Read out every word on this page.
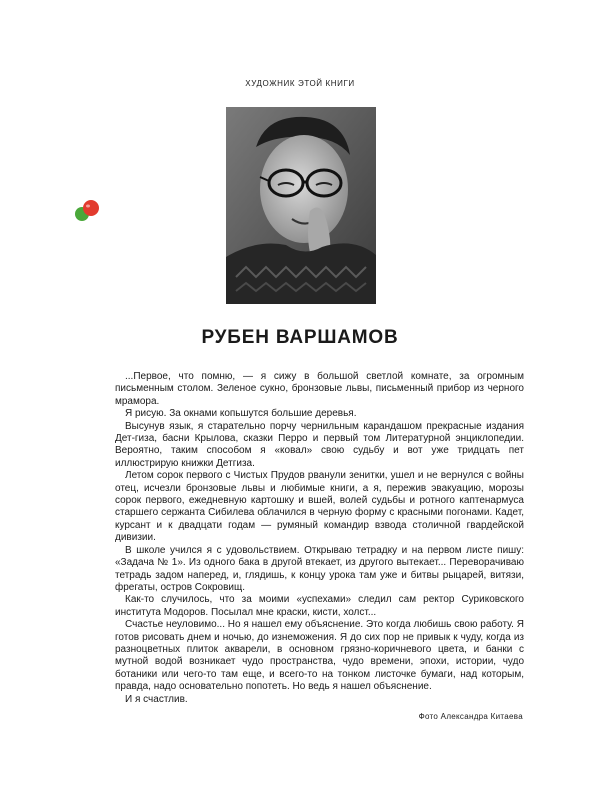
ХУДОЖНИК ЭТОЙ КНИГИ
РУБЕН ВАРШАМОВ

...Первое, что помню, — я сижу в большой светлой комнате, за огромным письменным столом. Зеленое сукно, бронзовые львы, письменный прибор из черного мрамора.

Я рисую. За окнами копьшутся большие деревья.

Высунув язык, я старательно порчу чернильным карандашом прекрасные издания Дет-гиза, басни Крылова, сказки Перро и первый том Литературной энциклопедии. Вероятно, таким способом я «ковал» свою судьбу и вот уже тридцать пет иллюстрирую книжки Детгиза.

Летом сорок первого с Чистых Прудов рванули зенитки, ушел и не вернулся с войны отец, исчезли бронзовые львы и любимые книги, а я, пережив эвакуацию, морозы сорок первого, ежедневную картошку и вшей, волей судьбы и ротного каптенармуса старшего сержанта Сибилева облачился в черную форму с красными погонами. Кадет, курсант и к двадцати годам — румяный командир взвода столичной гвардейской дивизии.

В школе учился я с удовольствием. Открываю тетрадку и на первом листе пишу: «Задача № 1». Из одного бака в другой втекает, из другого вытекает... Переворачиваю тетрадь задом наперед, и, глядишь, к концу урока там уже и битвы рыцарей, витязи, фрегаты, остров Сокровищ.

Как-то случилось, что за моими «успехами» следил сам ректор Суриковского института Модоров. Посылал мне краски, кисти, холст...

Счастье неуловимо... Но я нашел ему объяснение. Это когда любишь свою работу. Я готов рисовать днем и ночью, до изнеможения. Я до сих пор не привык к чуду, когда из разноцветных плиток акварели, в основном грязно-коричневого цвета, и банки с мутной водой возникает чудо пространства, чудо времени, эпохи, истории, чудо ботаники или чего-то там еще, и всего-то на тонком листочке бумаги, над которым, правда, надо основательно попотеть. Но ведь я нашел объяснение.

И я счастлив.

Фото Александра Китаева
